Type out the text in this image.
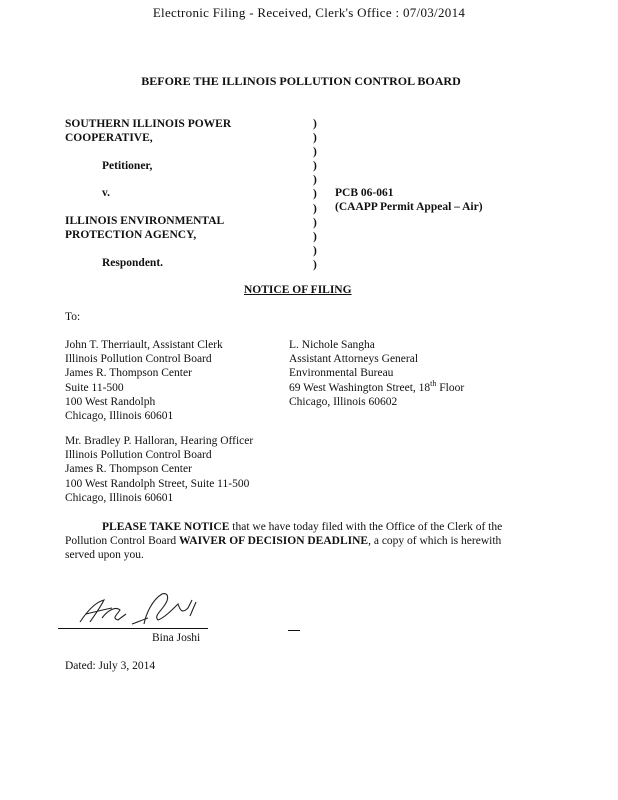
Electronic Filing - Received, Clerk's Office : 07/03/2014
BEFORE THE ILLINOIS POLLUTION CONTROL BOARD
SOUTHERN ILLINOIS POWER
COOPERATIVE,
Petitioner,
v.
ILLINOIS ENVIRONMENTAL
PROTECTION AGENCY,
Respondent.
)
)
)
)
)
)
)
)
)
)
)
PCB 06-061
(CAAPP Permit Appeal – Air)
NOTICE OF FILING
To:
John T. Therriault, Assistant Clerk
Illinois Pollution Control Board
James R. Thompson Center
Suite 11-500
100 West Randolph
Chicago, Illinois 60601
L. Nichole Sangha
Assistant Attorneys General
Environmental Bureau
69 West Washington Street, 18th Floor
Chicago, Illinois 60602
Mr. Bradley P. Halloran, Hearing Officer
Illinois Pollution Control Board
James R. Thompson Center
100 West Randolph Street, Suite 11-500
Chicago, Illinois 60601
PLEASE TAKE NOTICE that we have today filed with the Office of the Clerk of the Pollution Control Board WAIVER OF DECISION DEADLINE, a copy of which is herewith served upon you.
Bina Joshi
Dated: July 3, 2014
